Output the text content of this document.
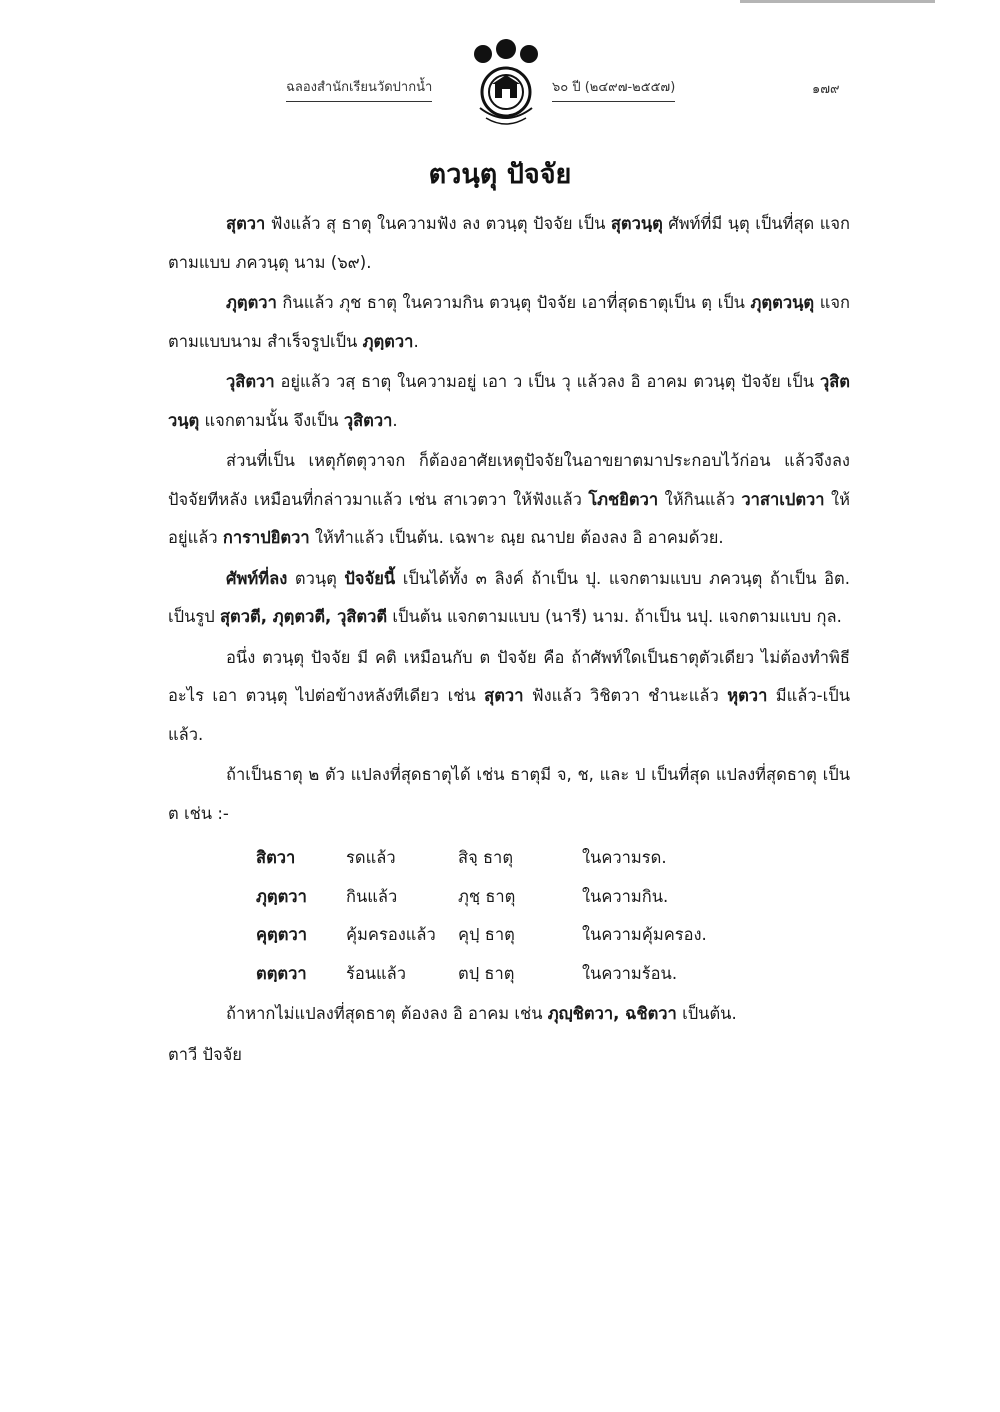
ฉลองสำนักเรียนวัดปากน้ำ	๖๐ ปี (๒๔๙๗-๒๕๕๗)	๑๗๙
ตวนฺตุ ปัจจัย

สุตวา ฟังแล้ว สุ ธาตุ ในความฟัง ลง ตวนฺตุ ปัจจัย เป็น สุตวนฺตุ ศัพท์ที่มี นฺตุ เป็นที่สุด แจกตามแบบ ภควนฺตุ นาม (๖๙).

ภุตฺตวา กินแล้ว ภุช ธาตุ ในความกิน ตวนฺตุ ปัจจัย เอาที่สุดธาตุเป็น ตฺ เป็น ภุตฺตวนฺตุ แจกตามแบบนาม สำเร็จรูปเป็น ภุตฺตวา.

วุสิตวา อยู่แล้ว วสฺ ธาตุ ในความอยู่ เอา ว เป็น วุ แล้วลง อิ อาคม ตวนฺตุ ปัจจัย เป็น วุสิตวนฺตุ แจกตามนั้น จึงเป็น วุสิตวา.

ส่วนที่เป็น เหตุกัตตุวาจก ก็ต้องอาศัยเหตุปัจจัยในอาขยาตมาประกอบไว้ก่อน แล้วจึงลงปัจจัยทีหลัง เหมือนที่กล่าวมาแล้ว เช่น สาเวตวา ให้ฟังแล้ว โภชยิตวา ให้กินแล้ว วาสาเปตวา ให้อยู่แล้ว การาปยิตวา ให้ทำแล้ว เป็นต้น. เฉพาะ ณฺย ณาปย ต้องลง อิ อาคมด้วย.

ศัพท์ที่ลง ตวนฺตุ ปัจจัยนี้ เป็นได้ทั้ง ๓ ลิงค์ ถ้าเป็น ปุ. แจกตามแบบ ภควนฺตุ ถ้าเป็น อิต. เป็นรูป สุตวตี, ภุตฺตวตี, วุสิตวตี เป็นต้น แจกตามแบบ (นารี) นาม. ถ้าเป็น นปุ. แจกตามแบบ กุล.

อนึ่ง ตวนฺตุ ปัจจัย มี คติ เหมือนกับ ต ปัจจัย คือ ถ้าศัพท์ใดเป็นธาตุตัวเดียว ไม่ต้องทำพิธีอะไร เอา ตวนฺตุ ไปต่อข้างหลังทีเดียว เช่น สุตวา ฟังแล้ว วิชิตวา ชำนะแล้ว หุตวา มีแล้ว-เป็นแล้ว.

ถ้าเป็นธาตุ ๒ ตัว แปลงที่สุดธาตุได้ เช่น ธาตุมี จ, ช, และ ป เป็นที่สุด แปลงที่สุดธาตุ เป็น ต เช่น :-

สิตวา	รดแล้ว	สิจฺ ธาตุ	ในความรด.
ภุตฺตวา	กินแล้ว	ภุชฺ ธาตุ	ในความกิน.
คุตฺตวา	คุ้มครองแล้ว	คุปฺ ธาตุ	ในความคุ้มครอง.
ตตฺตวา	ร้อนแล้ว	ตปฺ ธาตุ	ในความร้อน.

ถ้าหากไม่แปลงที่สุดธาตุ ต้องลง อิ อาคม เช่น ภุญฺชิตวา, ฉชิตวา เป็นต้น.

ตาวี ปัจจัย
